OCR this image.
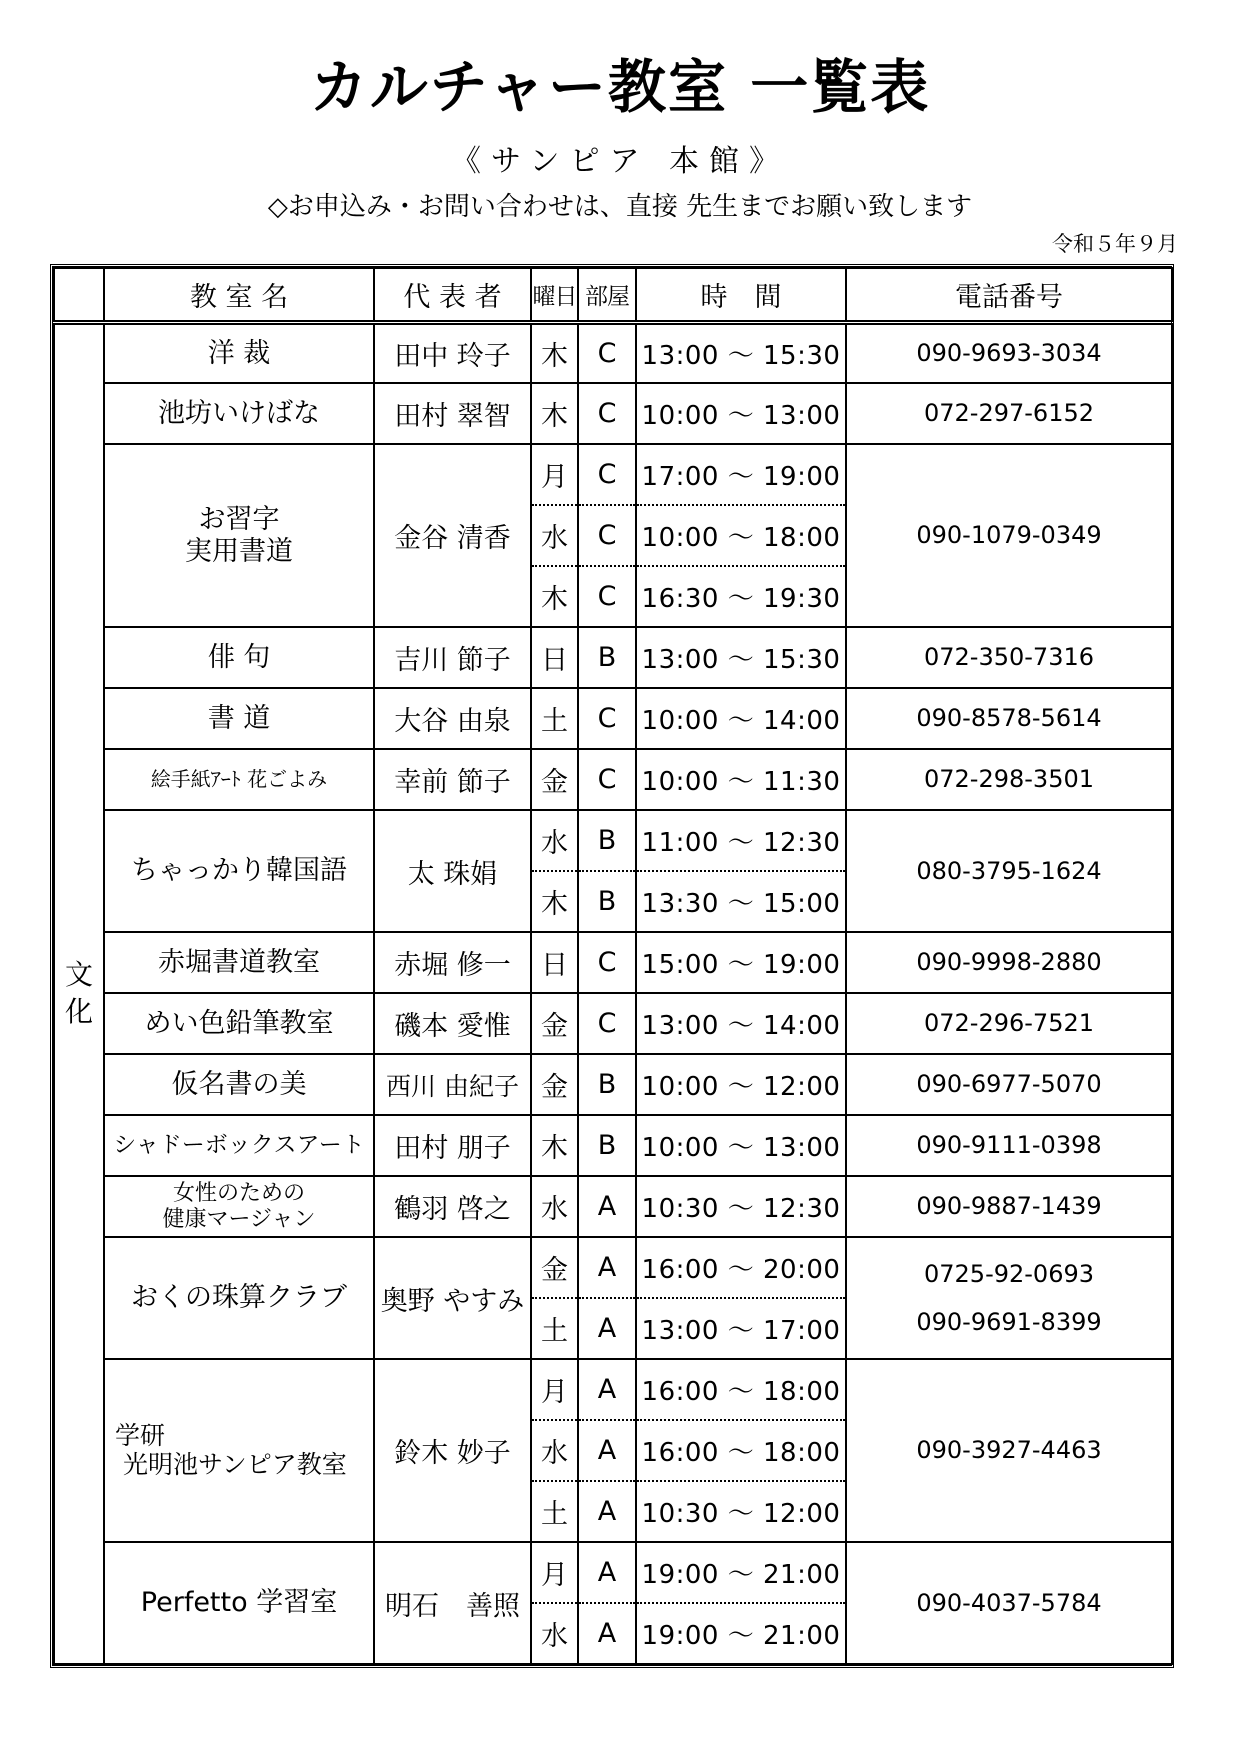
カルチャー教室 一覧表
《サンピア 本館》
◇お申込み・お問い合わせは、直接 先生までお願い致します
令和５年９月
	教 室 名	代 表 者	曜日	部屋	時　間	電話番号
文化	洋 裁	田中 玲子	木	C	13:00 ～ 15:30	090-9693-3034
	池坊いけばな	田村 翠智	木	C	10:00 ～ 13:00	072-297-6152
	お習字
実用書道	金谷 清香	月	C	17:00 ～ 19:00	090-1079-0349
			水	C	10:00 ～ 18:00	
			木	C	16:30 ～ 19:30	
	俳 句	吉川 節子	日	B	13:00 ～ 15:30	072-350-7316
	書 道	大谷 由泉	土	C	10:00 ～ 14:00	090-8578-5614
	絵手紙ｱｰﾄ 花ごよみ	幸前 節子	金	C	10:00 ～ 11:30	072-298-3501
	ちゃっかり韓国語	太 珠娟	水	B	11:00 ～ 12:30	080-3795-1624
			木	B	13:30 ～ 15:00	
	赤堀書道教室	赤堀 修一	日	C	15:00 ～ 19:00	090-9998-2880
	めい色鉛筆教室	磯本 愛惟	金	C	13:00 ～ 14:00	072-296-7521
	仮名書の美	西川 由紀子	金	B	10:00 ～ 12:00	090-6977-5070
	シャドーボックスアート	田村 朋子	木	B	10:00 ～ 13:00	090-9111-0398
	女性のための
健康マージャン	鶴羽 啓之	水	A	10:30 ～ 12:30	090-9887-1439
	おくの珠算クラブ	奥野 やすみ	金	A	16:00 ～ 20:00	0725-92-0693
090-9691-8399
			土	A	13:00 ～ 17:00	
	学研
光明池サンピア教室	鈴木 妙子	月	A	16:00 ～ 18:00	090-3927-4463
			水	A	16:00 ～ 18:00	
			土	A	10:30 ～ 12:00	
	Perfetto 学習室	明石　善照	月	A	19:00 ～ 21:00	090-4037-5784
			水	A	19:00 ～ 21:00	
